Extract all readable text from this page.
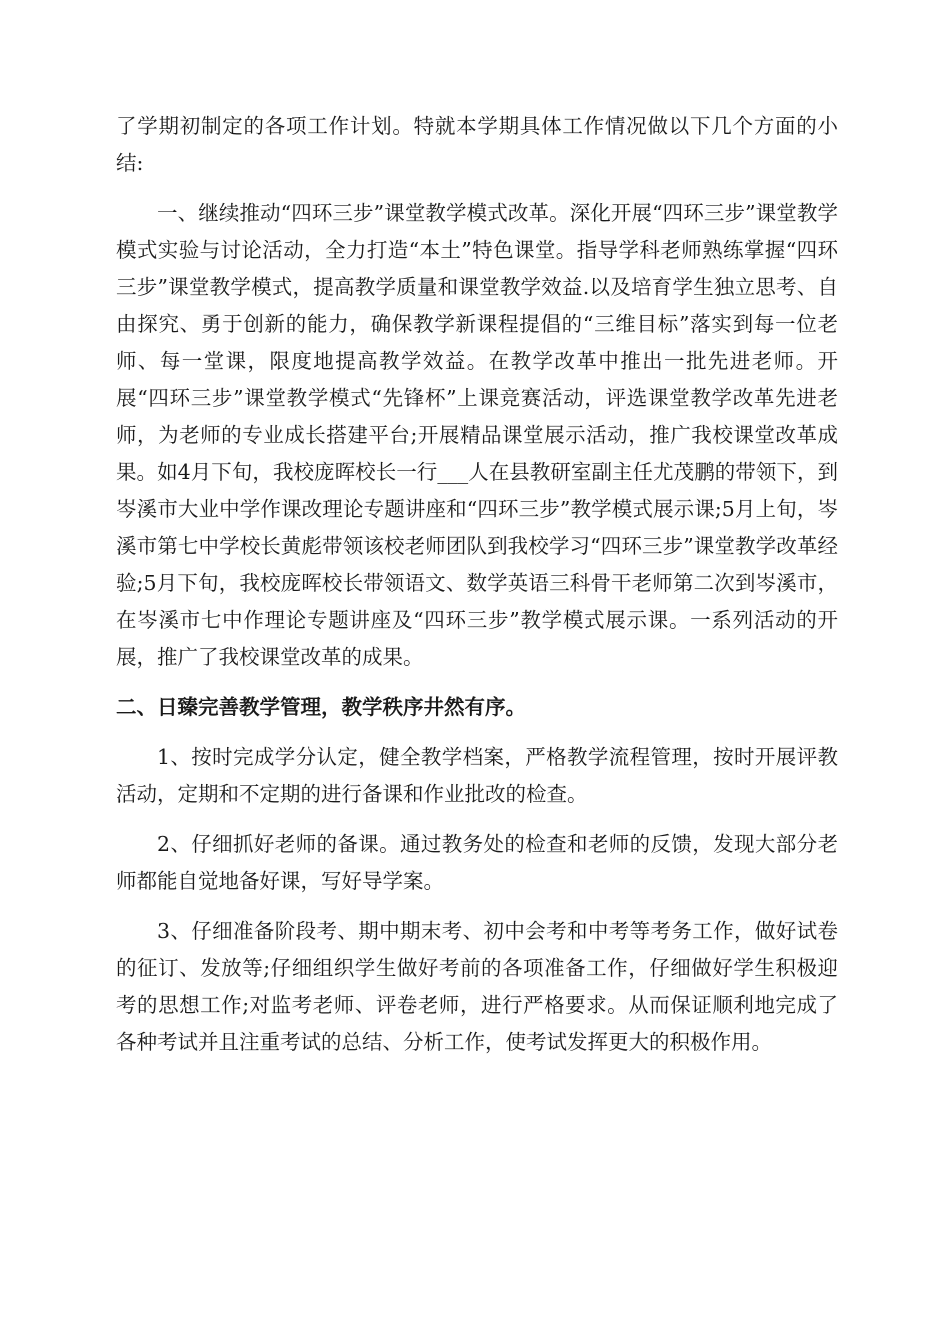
了学期初制定的各项工作计划。特就本学期具体工作情况做以下几个方面的小结:

一、继续推动“四环三步”课堂教学模式改革。深化开展“四环三步”课堂教学模式实验与讨论活动，全力打造“本土”特色课堂。指导学科老师熟练掌握“四环三步”课堂教学模式，提高教学质量和课堂教学效益.以及培育学生独立思考、自由探究、勇于创新的能力，确保教学新课程提倡的“三维目标”落实到每一位老师、每一堂课，限度地提高教学效益。在教学改革中推出一批先进老师。开展“四环三步”课堂教学模式“先锋杯”上课竞赛活动，评选课堂教学改革先进老师，为老师的专业成长搭建平台;开展精品课堂展示活动，推广我校课堂改革成果。如4月下旬，我校庞晖校长一行___人在县教研室副主任尤茂鹏的带领下，到岑溪市大业中学作课改理论专题讲座和“四环三步”教学模式展示课;5月上旬，岑溪市第七中学校长黄彪带领该校老师团队到我校学习“四环三步”课堂教学改革经验;5月下旬，我校庞晖校长带领语文、数学英语三科骨干老师第二次到岑溪市，在岑溪市七中作理论专题讲座及“四环三步”教学模式展示课。一系列活动的开展，推广了我校课堂改革的成果。

二、日臻完善教学管理，教学秩序井然有序。

1、按时完成学分认定，健全教学档案，严格教学流程管理，按时开展评教活动，定期和不定期的进行备课和作业批改的检查。

2、仔细抓好老师的备课。通过教务处的检查和老师的反馈，发现大部分老师都能自觉地备好课，写好导学案。

3、仔细准备阶段考、期中期末考、初中会考和中考等考务工作，做好试卷的征订、发放等;仔细组织学生做好考前的各项准备工作，仔细做好学生积极迎考的思想工作;对监考老师、评卷老师，进行严格要求。从而保证顺利地完成了各种考试并且注重考试的总结、分析工作，使考试发挥更大的积极作用。
